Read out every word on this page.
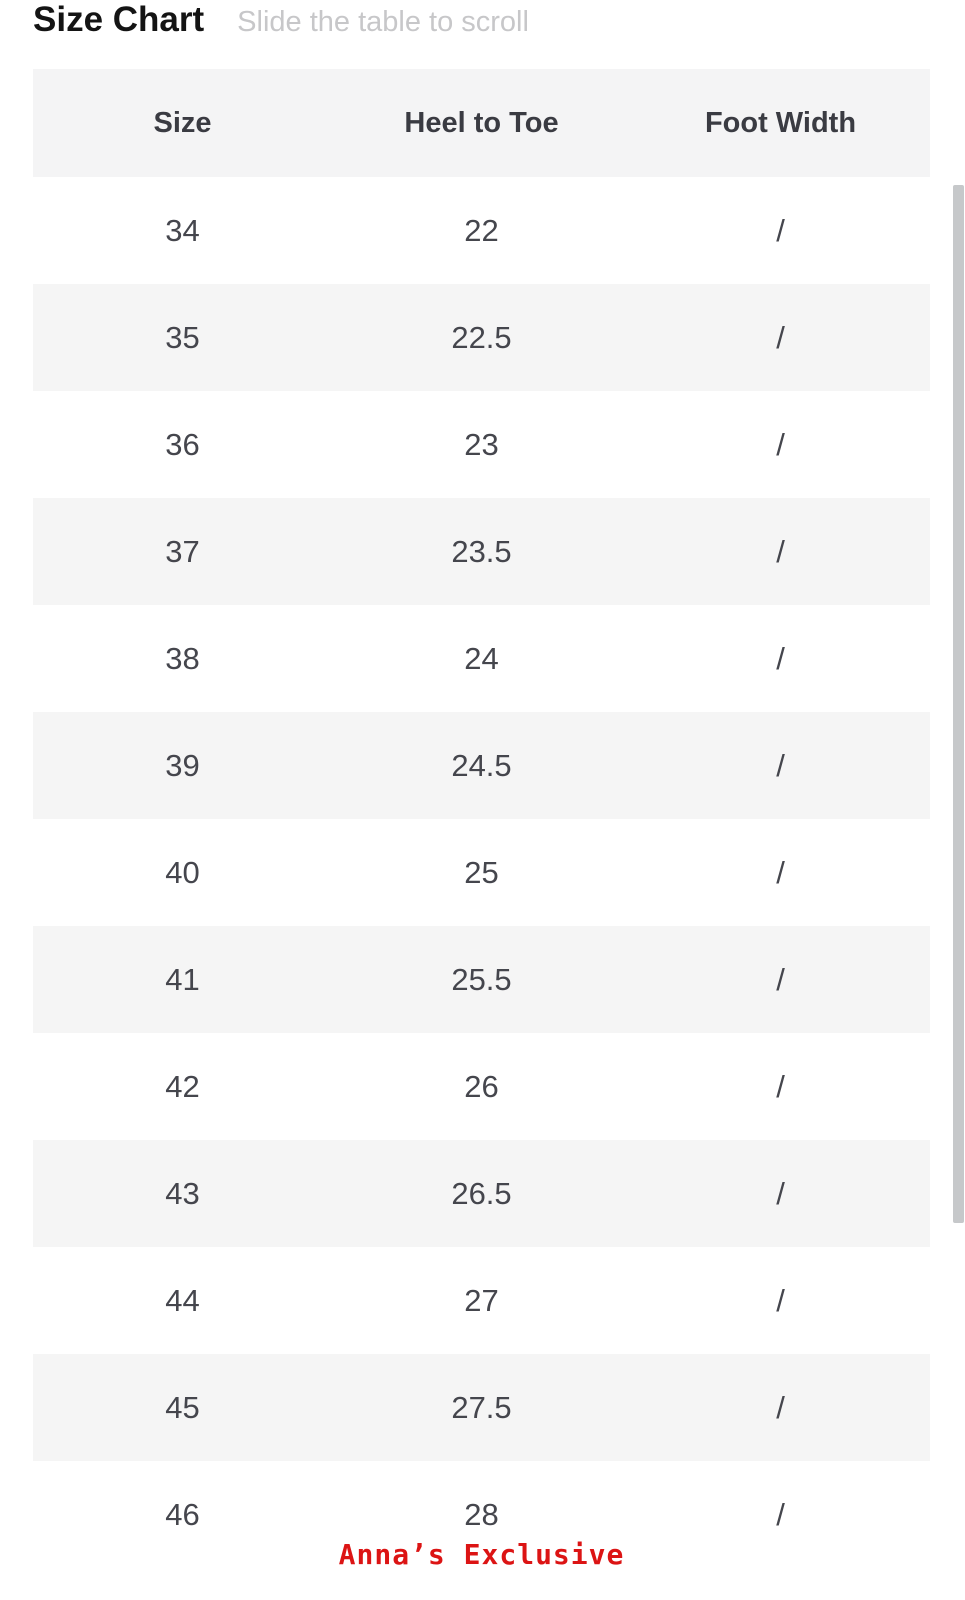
Size Chart Slide the table to scroll
Size	Heel to Toe	Foot Width
34	22	/
35	22.5	/
36	23	/
37	23.5	/
38	24	/
39	24.5	/
40	25	/
41	25.5	/
42	26	/
43	26.5	/
44	27	/
45	27.5	/
46	28	/
Anna’s Exclusive
